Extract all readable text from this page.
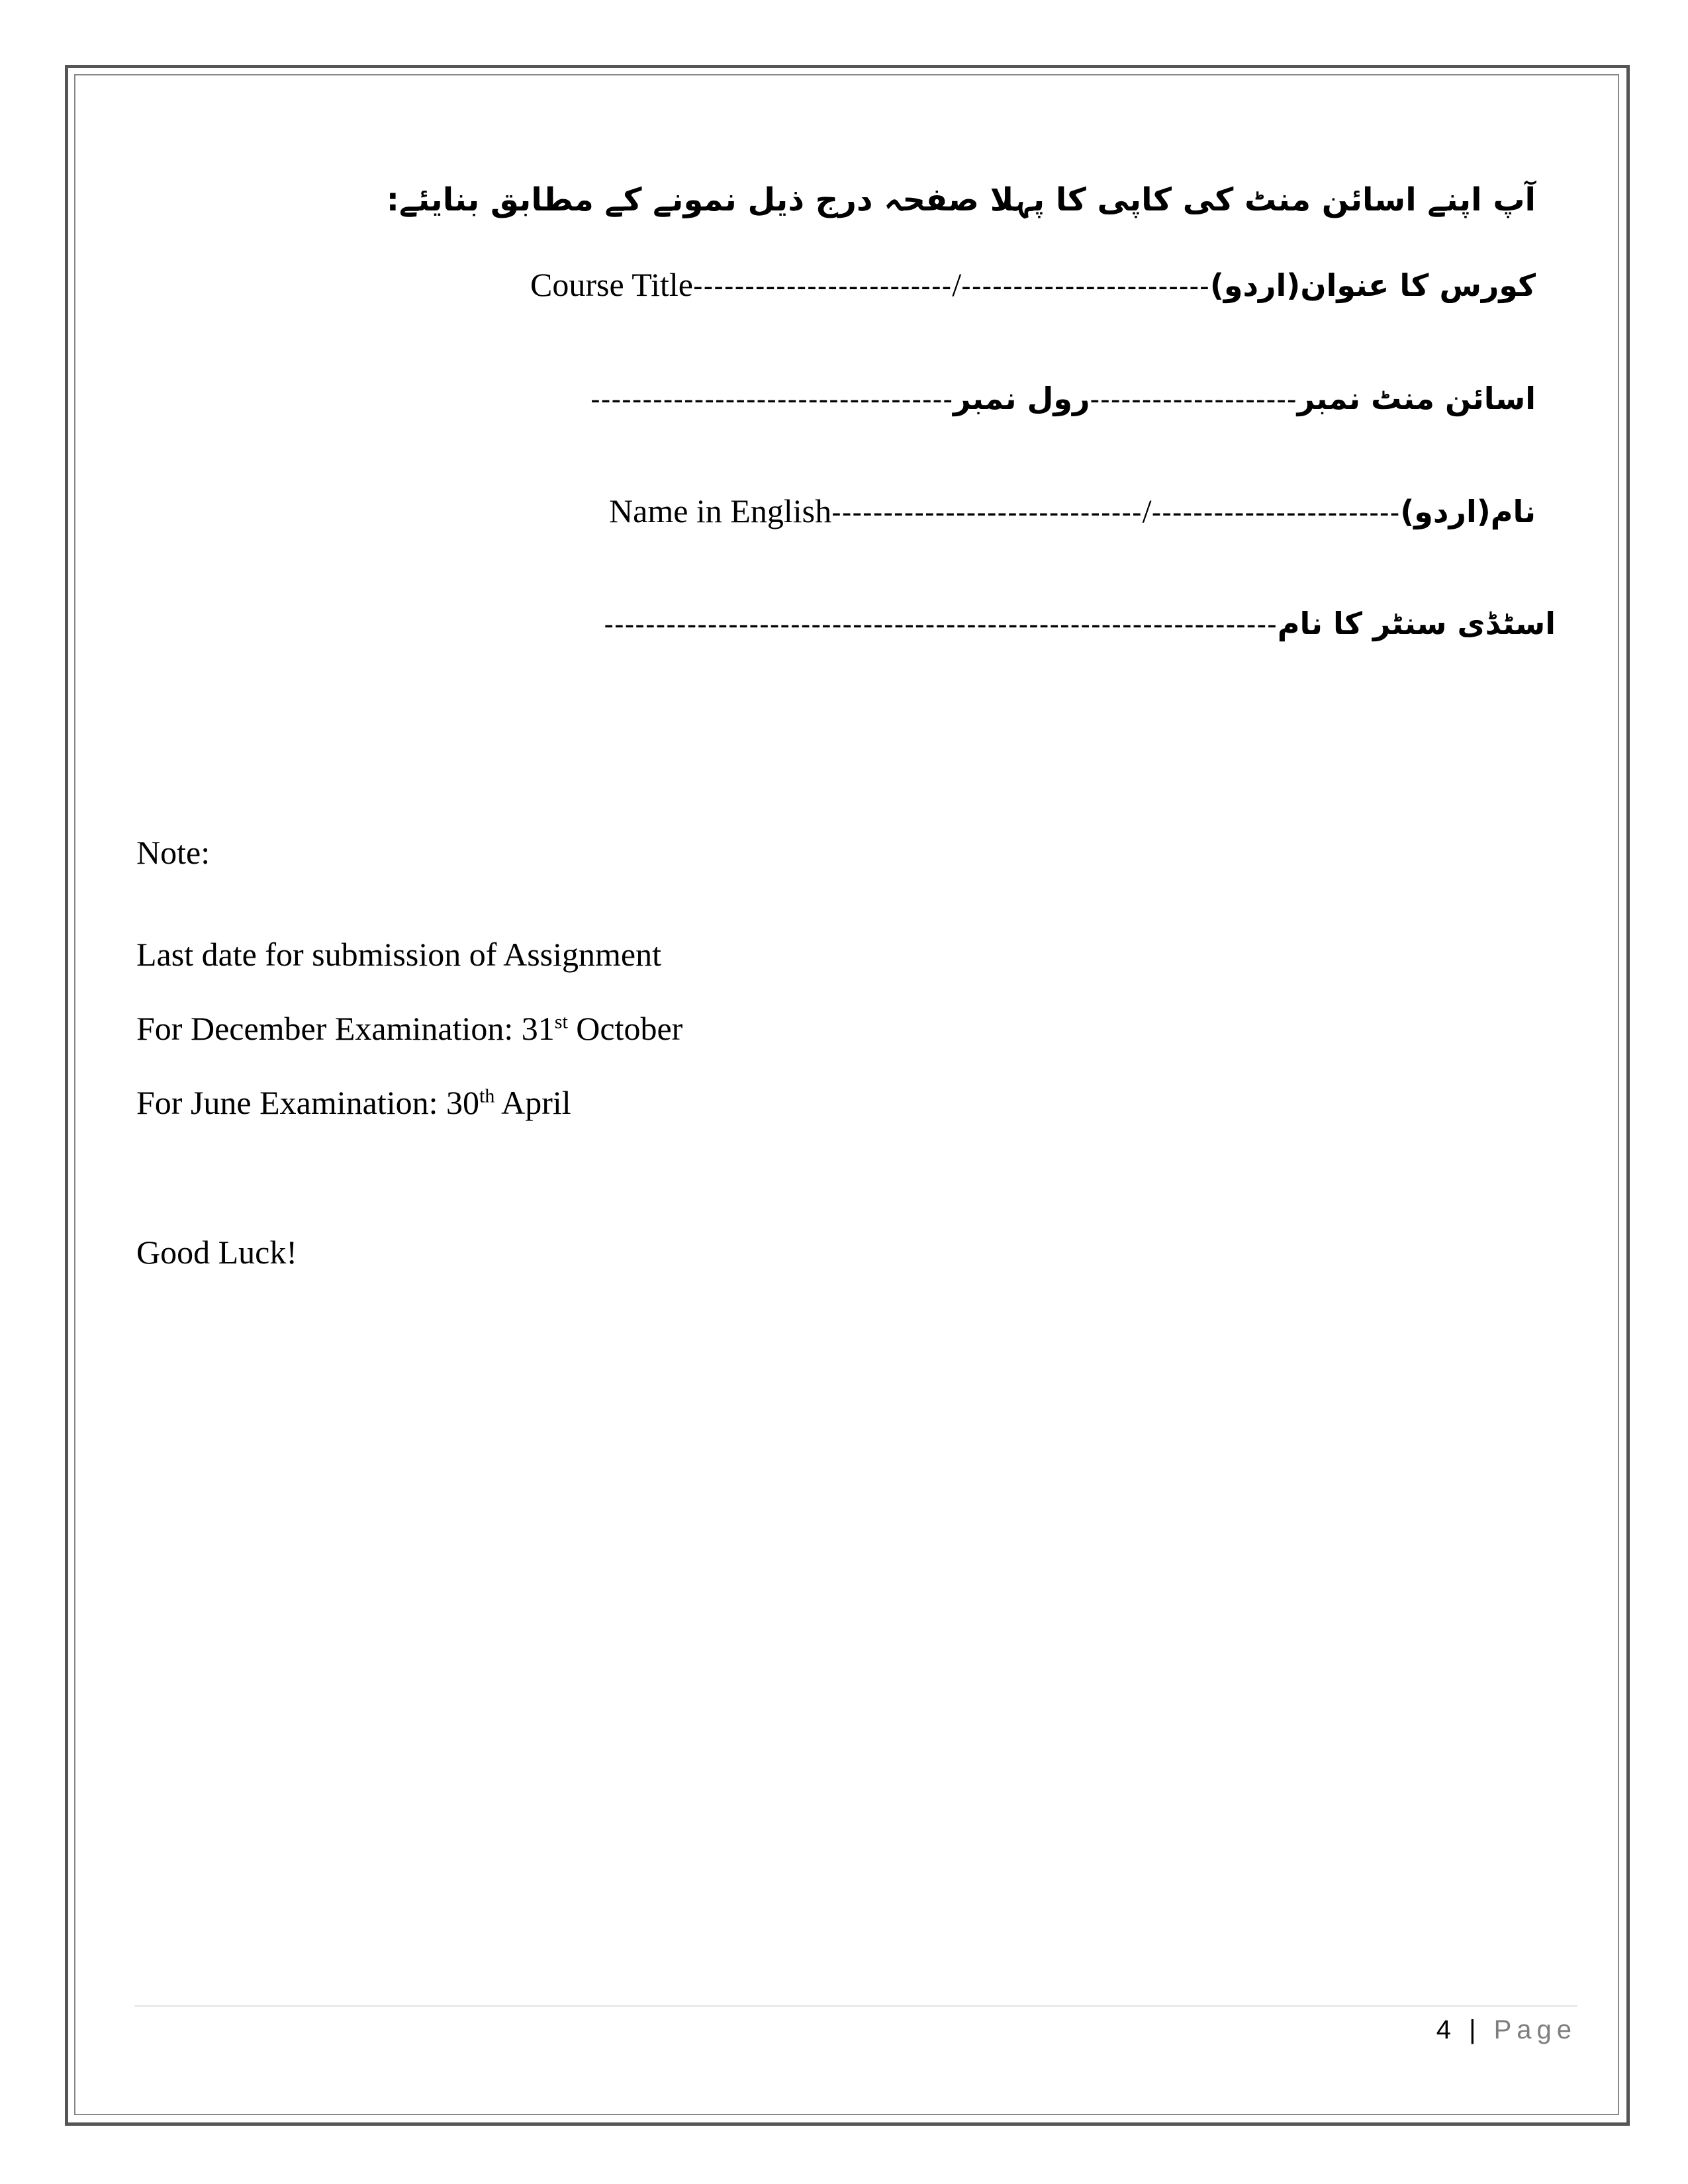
آپ اپنے اسائن منٹ کی کاپی کا پہلا صفحہ درج ذیل نمونے کے مطابق بنایئے:
Course Title ------------------------- / ------------------------ کورس کا عنوان(اردو)
----------------------------------- رول نمبر -------------------- اسائن منٹ نمبر
Name in English ------------------------------ / ------------------------ نام(اردو)
----------------------------------------------------------------- اسٹڈی سنٹر کا نام
Note:
Last date for submission of Assignment
For December Examination: 31st October
For June Examination: 30th April
Good Luck!
4 | Page
